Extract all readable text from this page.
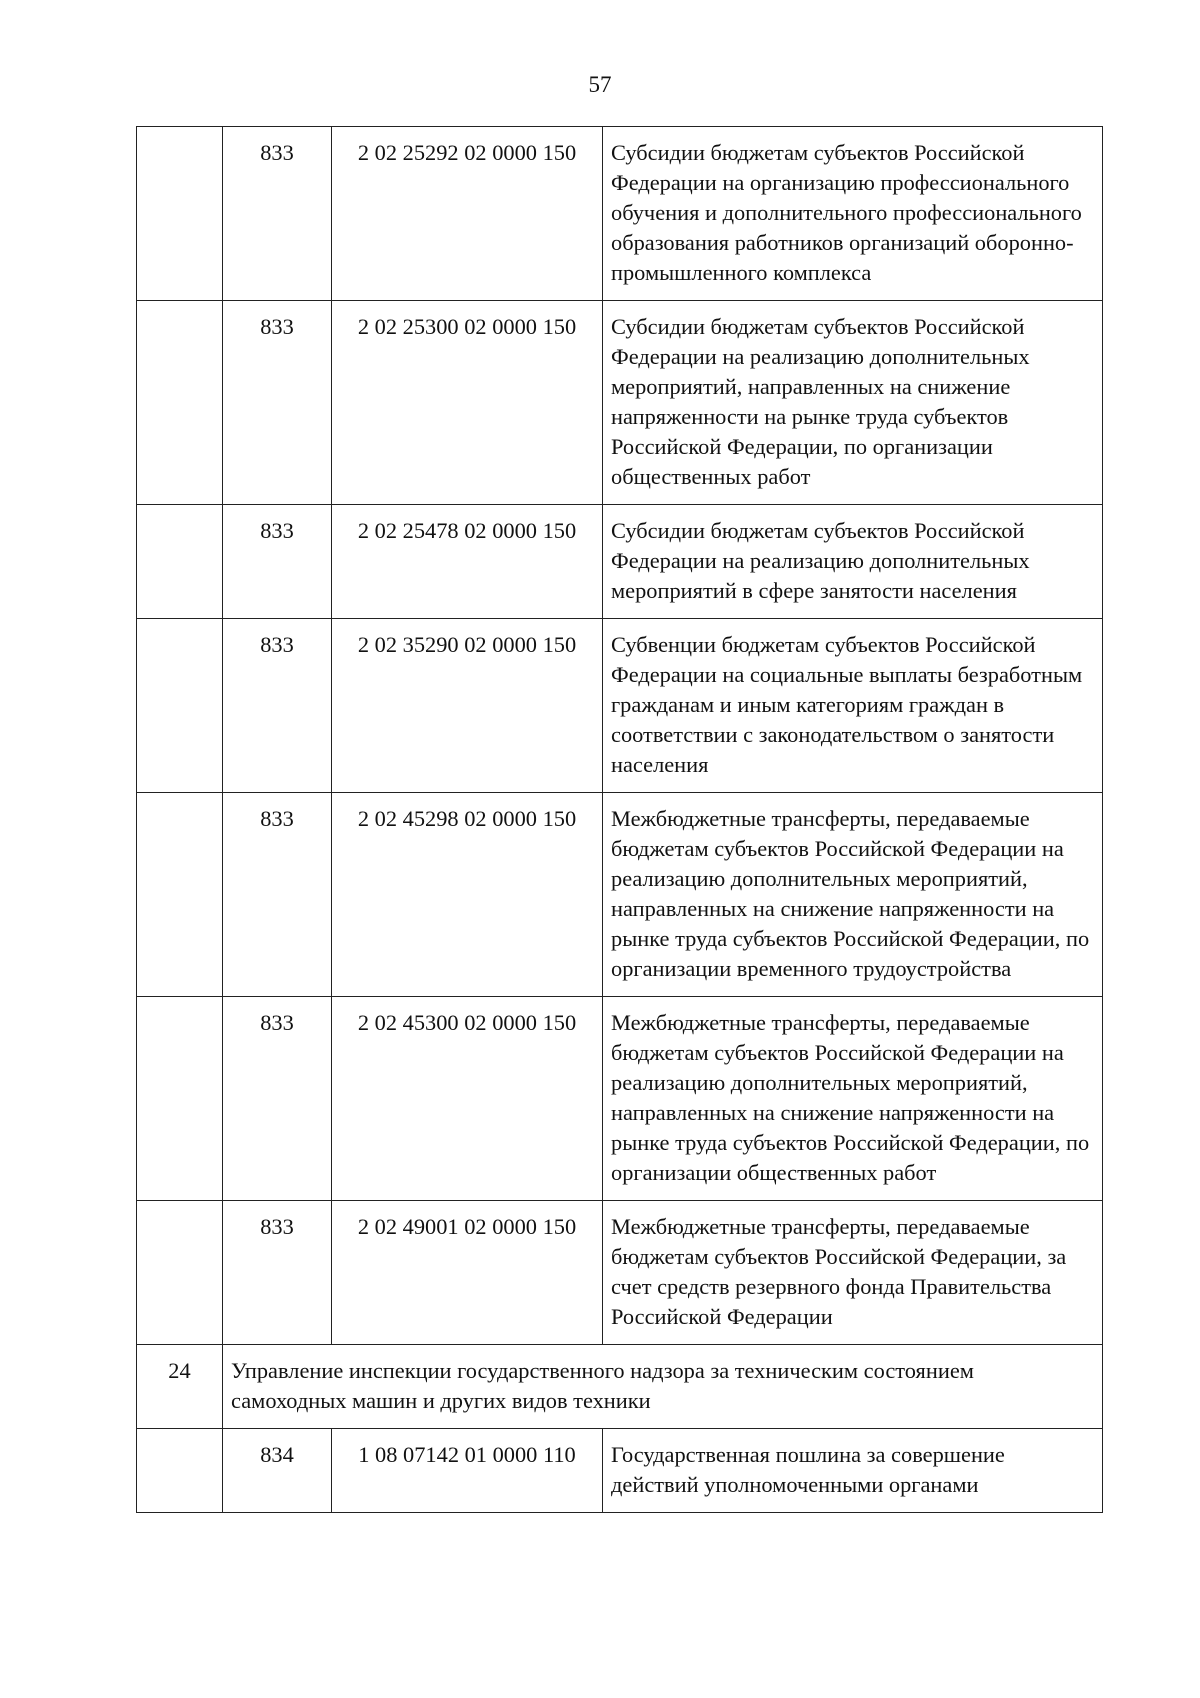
57
	833	2 02 25292 02 0000 150	Субсидии бюджетам субъектов Российской Федерации на организацию профессионального обучения и дополнительного профессионального образования работников организаций оборонно-промышленного комплекса
	833	2 02 25300 02 0000 150	Субсидии бюджетам субъектов Российской Федерации на реализацию дополнительных мероприятий, направленных на снижение напряженности на рынке труда субъектов Российской Федерации, по организации общественных работ
	833	2 02 25478 02 0000 150	Субсидии бюджетам субъектов Российской Федерации на реализацию дополнительных мероприятий в сфере занятости населения
	833	2 02 35290 02 0000 150	Субвенции бюджетам субъектов Российской Федерации на социальные выплаты безработным гражданам и иным категориям граждан в соответствии с законодательством о занятости населения
	833	2 02 45298 02 0000 150	Межбюджетные трансферты, передаваемые бюджетам субъектов Российской Федерации на реализацию дополнительных мероприятий, направленных на снижение напряженности на рынке труда субъектов Российской Федерации, по организации временного трудоустройства
	833	2 02 45300 02 0000 150	Межбюджетные трансферты, передаваемые бюджетам субъектов Российской Федерации на реализацию дополнительных мероприятий, направленных на снижение напряженности на рынке труда субъектов Российской Федерации, по организации общественных работ
	833	2 02 49001 02 0000 150	Межбюджетные трансферты, передаваемые бюджетам субъектов Российской Федерации, за счет средств резервного фонда Правительства Российской Федерации
24	Управление инспекции государственного надзора за техническим состоянием самоходных машин и других видов техники		
	834	1 08 07142 01 0000 110	Государственная пошлина за совершение действий уполномоченными органами
